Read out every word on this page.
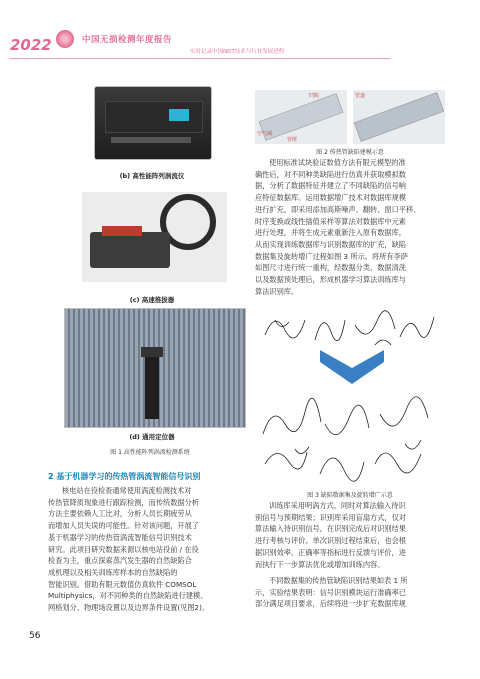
2022	中国无损检测年度报告
实时记录中国NDT技术与行业发展进程
(b) 高性能阵列涡流仪
(c) 高速推拔器
(d) 通用定位器
图 1 高性能阵列涡流检测系统
凹陷
空气域
管壁
管道
图 2 传热管缺陷建模示意
使用标准试块验证数值方法有限元模型的准
确性后，对不同种类缺陷进行仿真并获取模拟数
据，分析了数据特征并建立了不同缺陷的信号响
应特征数据库。运用数据增广技术对数据库规模
进行扩充，即采用添加高斯噪声、翻转、窗口平移、
时序变换或线性插值采样等算法对数据库中元素
进行处理，并将生成元素重新注入原有数据库，
从而实现训练数据库与识别数据库的扩充，缺陷
数据集及旋转增广过程如图 3 所示。将所有李萨
如图尺寸进行统一重构，经数据分类、数据清洗
以及数据预处理后，形成机器学习算法训练库与
算法识别库。
图 3 缺陷数据集及旋转增广示意
训练库采用明涡方式，同时对算法输入待识
别信号与预期结果；识别库采用盲扇方式，仅对
算法输入待识别信号，在识别完成后对识别结果
进行考核与评价。单次识别过程结束后，也会根
据识别效率、正确率等指标进行反馈与评价，进
而执行下一步算法优化或增加训练内容。
不同数据集的传热管缺陷识别结果如表 1 所
示，实验结果表明：信号识别模块运行准确率已
部分满足项目要求，后续将进一步扩充数据库规
2 基于机器学习的传热管涡流智能信号识别
核电站在役检查通常使用涡流检测技术对
传热管降质现象进行跟踪检测，而传统数据分析
方法主要依赖人工比对，分析人员长期疲劳从
而增加人员失误的可能性。针对该问题，开展了
基于机器学习的传热管涡流智能信号识别技术
研究。此项目研究数据来源以核电站役前 / 在役
检查为主，重点探索蒸汽发生器的自然缺陷合
成机理以及相关训练库样本的自然缺陷的
智能识别。借助有限元数值仿真软件 COMSOL
Multiphysics，对不同种类的自然缺陷进行建模、
网格划分、物理场设置以及边界条件设置(见图2)。
56
